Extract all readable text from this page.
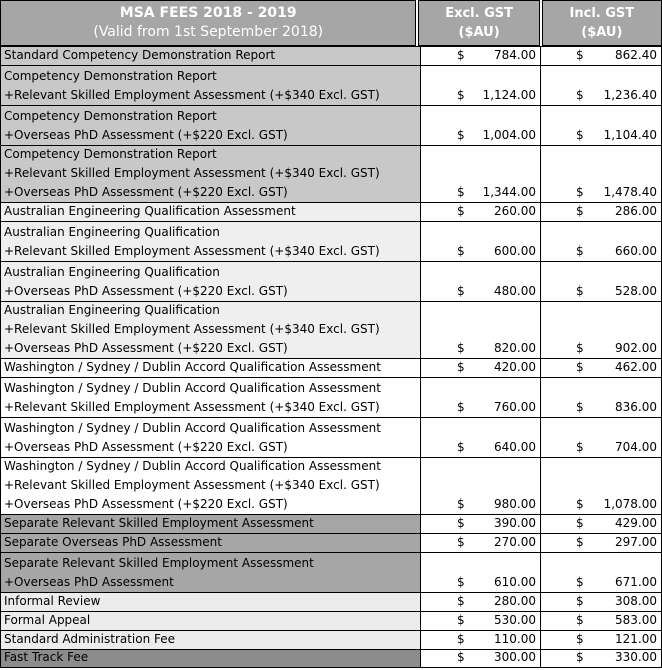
MSA FEES 2018 - 2019
(Valid from 1st September 2018)
Excl. GST
($AU)
Incl. GST
($AU)
Standard Competency Demonstration Report	$ 784.00	$	862.40
Competency Demonstration Report
+Relevant Skilled Employment Assessment (+$340 Excl. GST)	$ 1,124.00	$ 1,236.40
Competency Demonstration Report
+Overseas PhD Assessment (+$220 Excl. GST)	$ 1,004.00	$ 1,104.40
Competency Demonstration Report
+Relevant Skilled Employment Assessment (+$340 Excl. GST)
+Overseas PhD Assessment (+$220 Excl. GST)	$ 1,344.00	$ 1,478.40
Australian Engineering Qualification Assessment	$ 260.00	$	286.00
Australian Engineering Qualification
+Relevant Skilled Employment Assessment (+$340 Excl. GST)	$ 600.00	$	660.00
Australian Engineering Qualification
+Overseas PhD Assessment (+$220 Excl. GST)	$ 480.00	$	528.00
Australian Engineering Qualification
+Relevant Skilled Employment Assessment (+$340 Excl. GST)
+Overseas PhD Assessment (+$220 Excl. GST)	$ 820.00	$	902.00
Washington / Sydney / Dublin Accord Qualification Assessment	$ 420.00	$	462.00
Washington / Sydney / Dublin Accord Qualification Assessment
+Relevant Skilled Employment Assessment (+$340 Excl. GST)	$ 760.00	$	836.00
Washington / Sydney / Dublin Accord Qualification Assessment
+Overseas PhD Assessment (+$220 Excl. GST)	$ 640.00	$	704.00
Washington / Sydney / Dublin Accord Qualification Assessment
+Relevant Skilled Employment Assessment (+$340 Excl. GST)
+Overseas PhD Assessment (+$220 Excl. GST)	$ 980.00	$ 1,078.00
Separate Relevant Skilled Employment Assessment	$ 390.00	$	429.00
Separate Overseas PhD Assessment	$ 270.00	$	297.00
Separate Relevant Skilled Employment Assessment
+Overseas PhD Assessment	$ 610.00	$	671.00
Informal Review	$ 280.00	$	308.00
Formal Appeal	$ 530.00	$	583.00
Standard Administration Fee	$ 110.00	$	121.00
Fast Track Fee	$ 300.00	$	330.00
